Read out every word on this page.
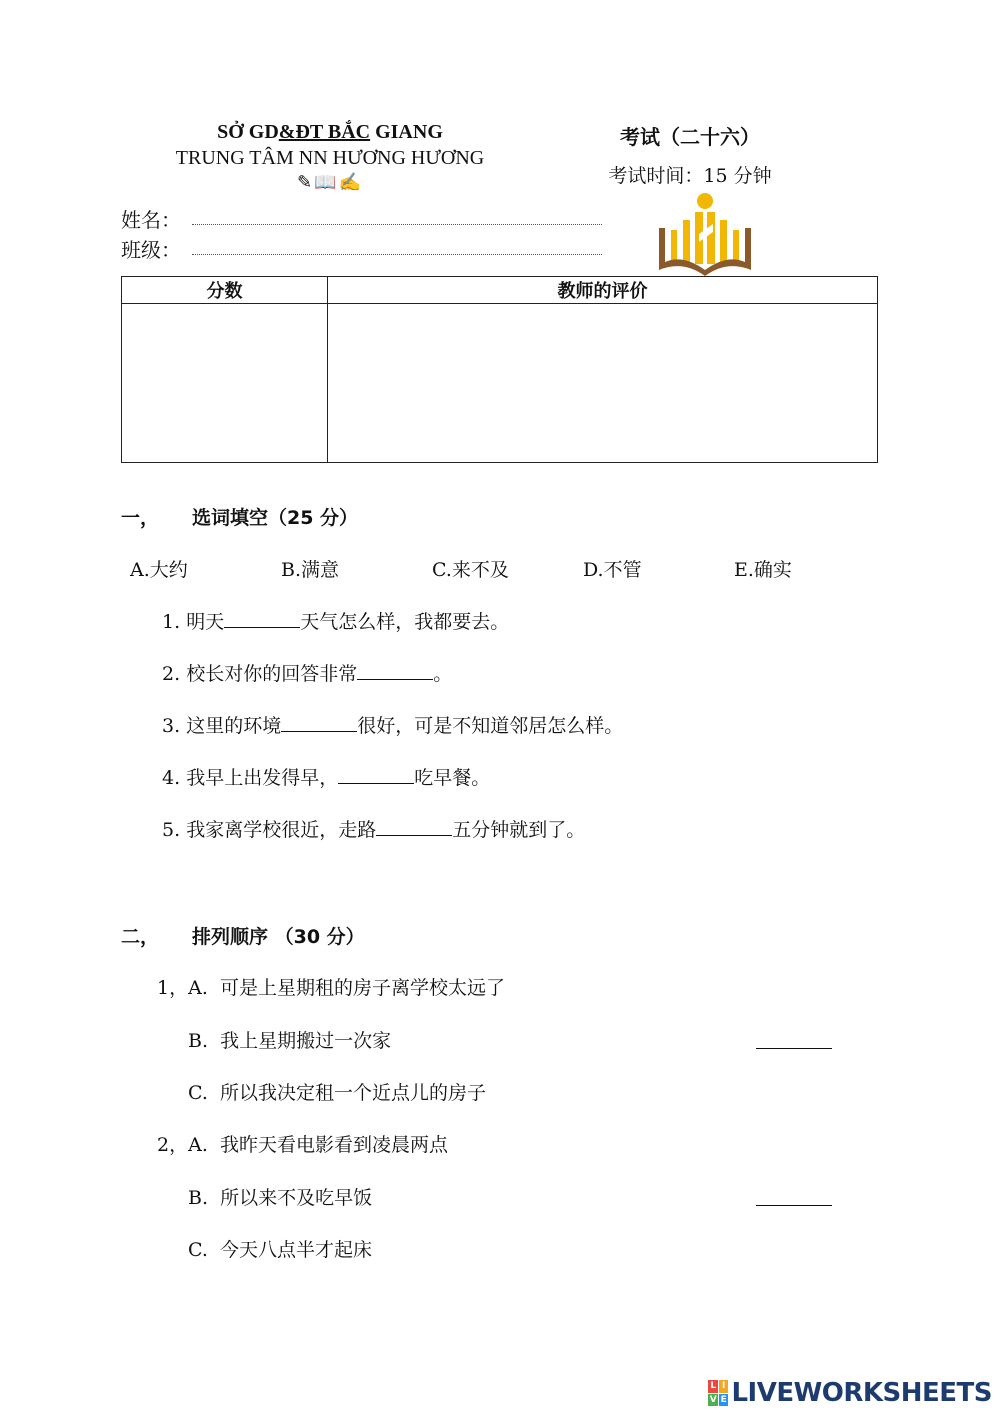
SỞ GD&ĐT BẮC GIANG
TRUNG TÂM NN HƯƠNG HƯƠNG
✎📖✍
考试（二十六）
考试时间：15 分钟
姓名：
班级：
分数	教师的评价

一， 选词填空（25 分）
A.大约	B.满意	C.来不及	D.不管	E.确实
1. 明天	天气怎么样，我都要去。
2. 校长对你的回答非常	。
3. 这里的环境	很好，可是不知道邻居怎么样。
4. 我早上出发得早，	吃早餐。
5. 我家离学校很近，走路	五分钟就到了。
二， 排列顺序 （30 分）
1，A. 可是上星期租的房子离学校太远了
B. 我上星期搬过一次家
C. 所以我决定租一个近点儿的房子
2，A. 我昨天看电影看到凌晨两点
B. 所以来不及吃早饭
C. 今天八点半才起床
L I
V E LIVEWORKSHEETS
